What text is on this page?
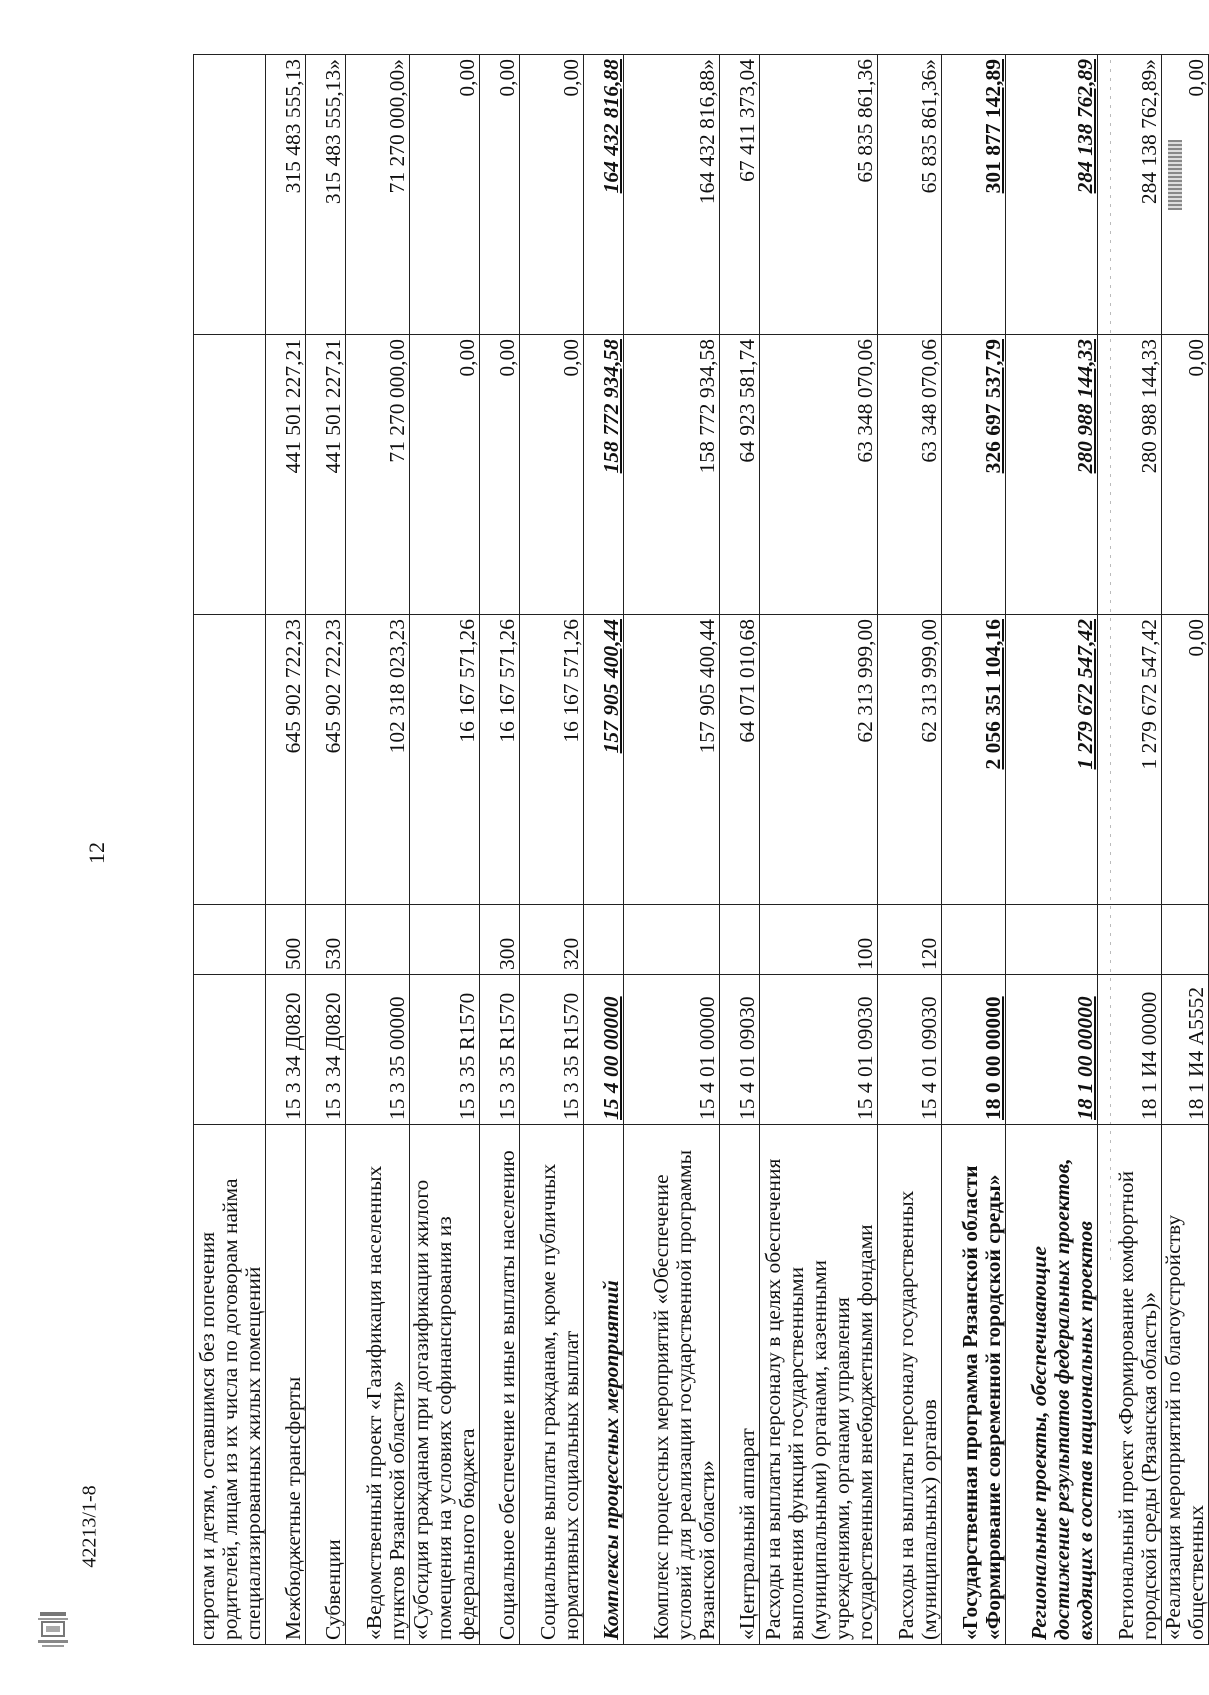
12
сиротам и детям, оставшимся без попечения родителей, лицам из их числа по договорам найма специализированных жилых помещений					
Межбюджетные трансферты	15 3 34 Д0820	500	645 902 722,23	441 501 227,21	315 483 555,13
Субвенции	15 3 34 Д0820	530	645 902 722,23	441 501 227,21	315 483 555,13»
«Ведомственный проект «Газификация населенных пунктов Рязанской области»	15 3 35 00000		102 318 023,23	71 270 000,00	71 270 000,00»
«Субсидия гражданам при догазификации жилого помещения на условиях софинансирования из федерального бюджета	15 3 35 R1570		16 167 571,26	0,00	0,00
Социальное обеспечение и иные выплаты населению	15 3 35 R1570	300	16 167 571,26	0,00	0,00
Социальные выплаты гражданам, кроме публичных нормативных социальных выплат	15 3 35 R1570	320	16 167 571,26	0,00	0,00
Комплексы процессных мероприятий	15 4 00 00000		157 905 400,44	158 772 934,58	164 432 816,88
Комплекс процессных мероприятий «Обеспечение условий для реализации государственной программы Рязанской области»	15 4 01 00000		157 905 400,44	158 772 934,58	164 432 816,88»
«Центральный аппарат	15 4 01 09030		64 071 010,68	64 923 581,74	67 411 373,04
Расходы на выплаты персоналу в целях обеспечения выполнения функций государственными (муниципальными) органами, казенными учреждениями, органами управления государственными внебюджетными фондами	15 4 01 09030	100	62 313 999,00	63 348 070,06	65 835 861,36
Расходы на выплаты персоналу государственных (муниципальных) органов	15 4 01 09030	120	62 313 999,00	63 348 070,06	65 835 861,36»
«Государственная программа Рязанской области «Формирование современной городской среды»	18 0 00 00000		2 056 351 104,16	326 697 537,79	301 877 142,89
Региональные проекты, обеспечивающие достижение результатов федеральных проектов, входящих в состав национальных проектов	18 1 00 00000		1 279 672 547,42	280 988 144,33	284 138 762,89
Региональный проект «Формирование комфортной городской среды (Рязанская область)»	18 1 И4 00000		1 279 672 547,42	280 988 144,33	284 138 762,89»
«Реализация мероприятий по благоустройству общественных	18 1 И4 А5552		0,00	0,00	0,00
42213/1-8
